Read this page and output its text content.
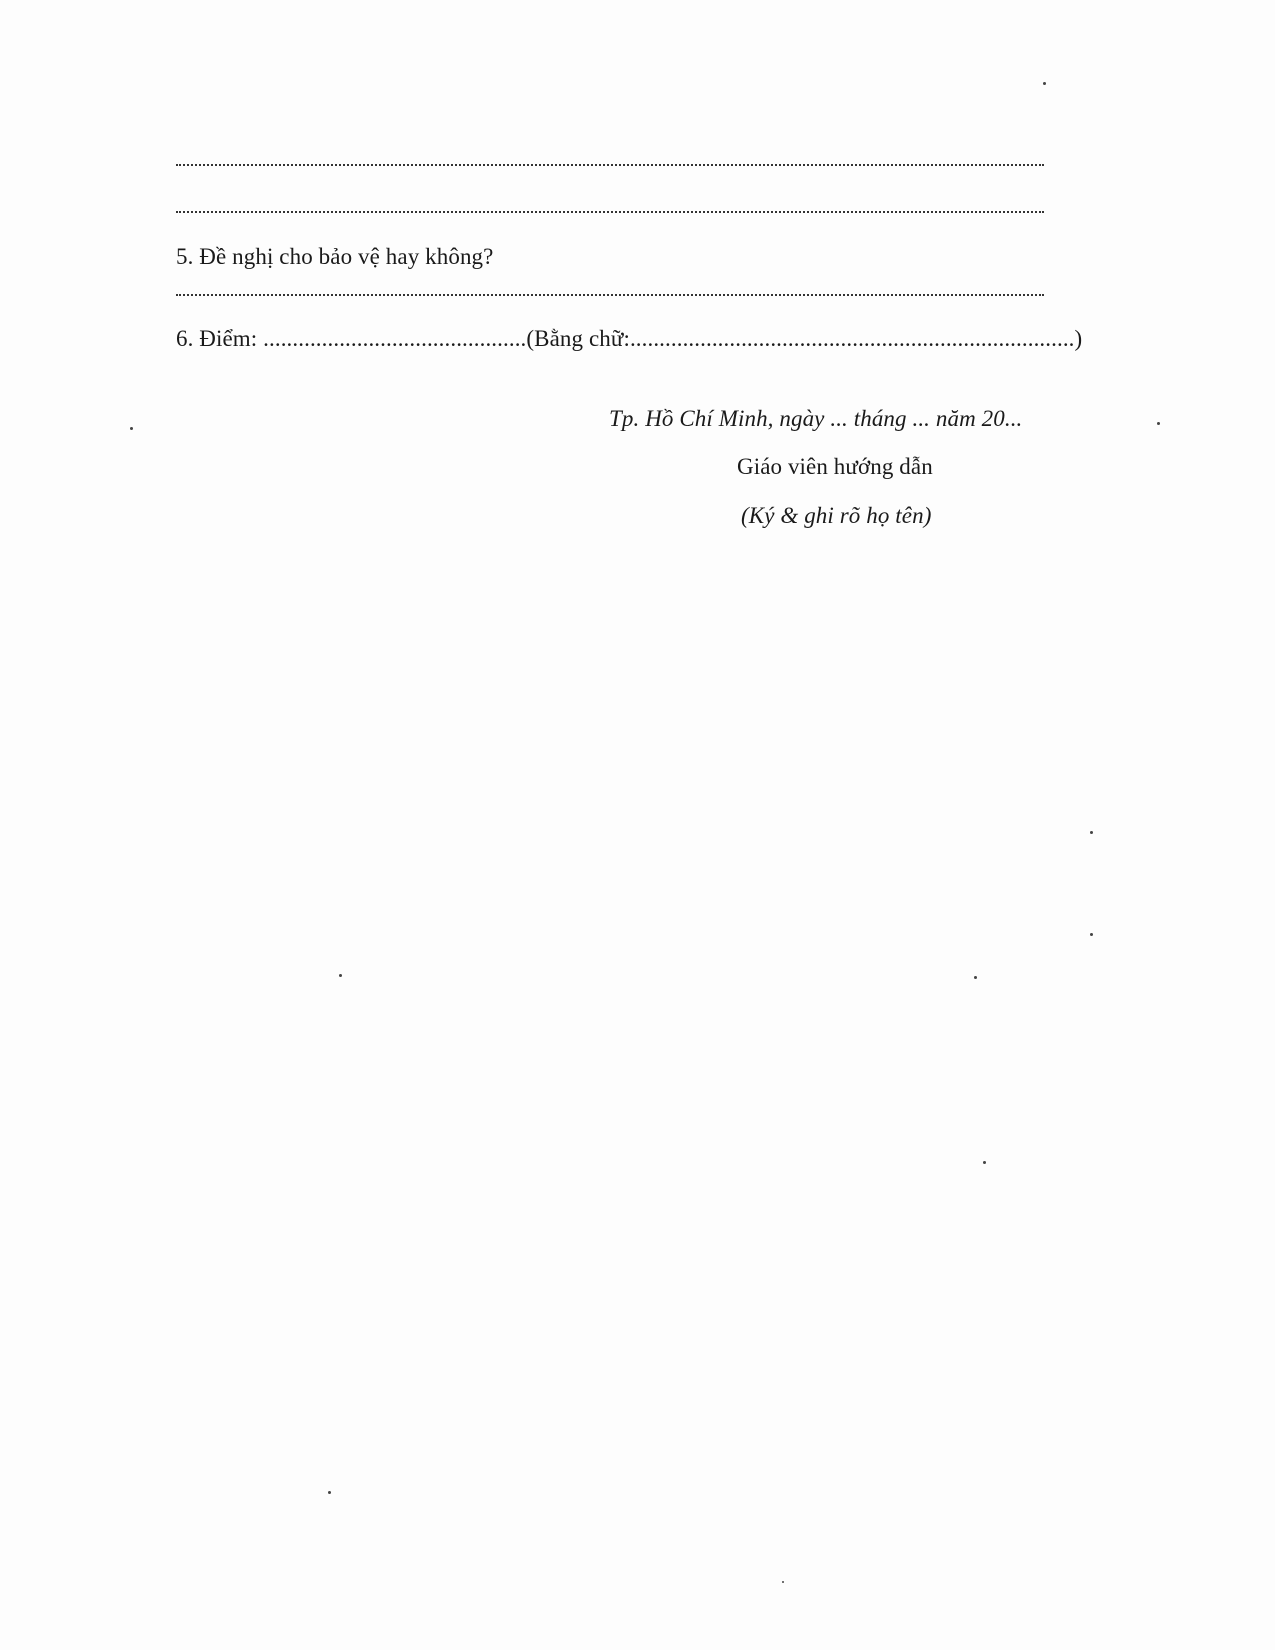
5. Đề nghị cho bảo vệ hay không?
6. Điểm: .............................................(Bằng chữ:............................................................................)
Tp. Hồ Chí Minh, ngày ... tháng ... năm 20...
Giáo viên hướng dẫn
(Ký & ghi rõ họ tên)
